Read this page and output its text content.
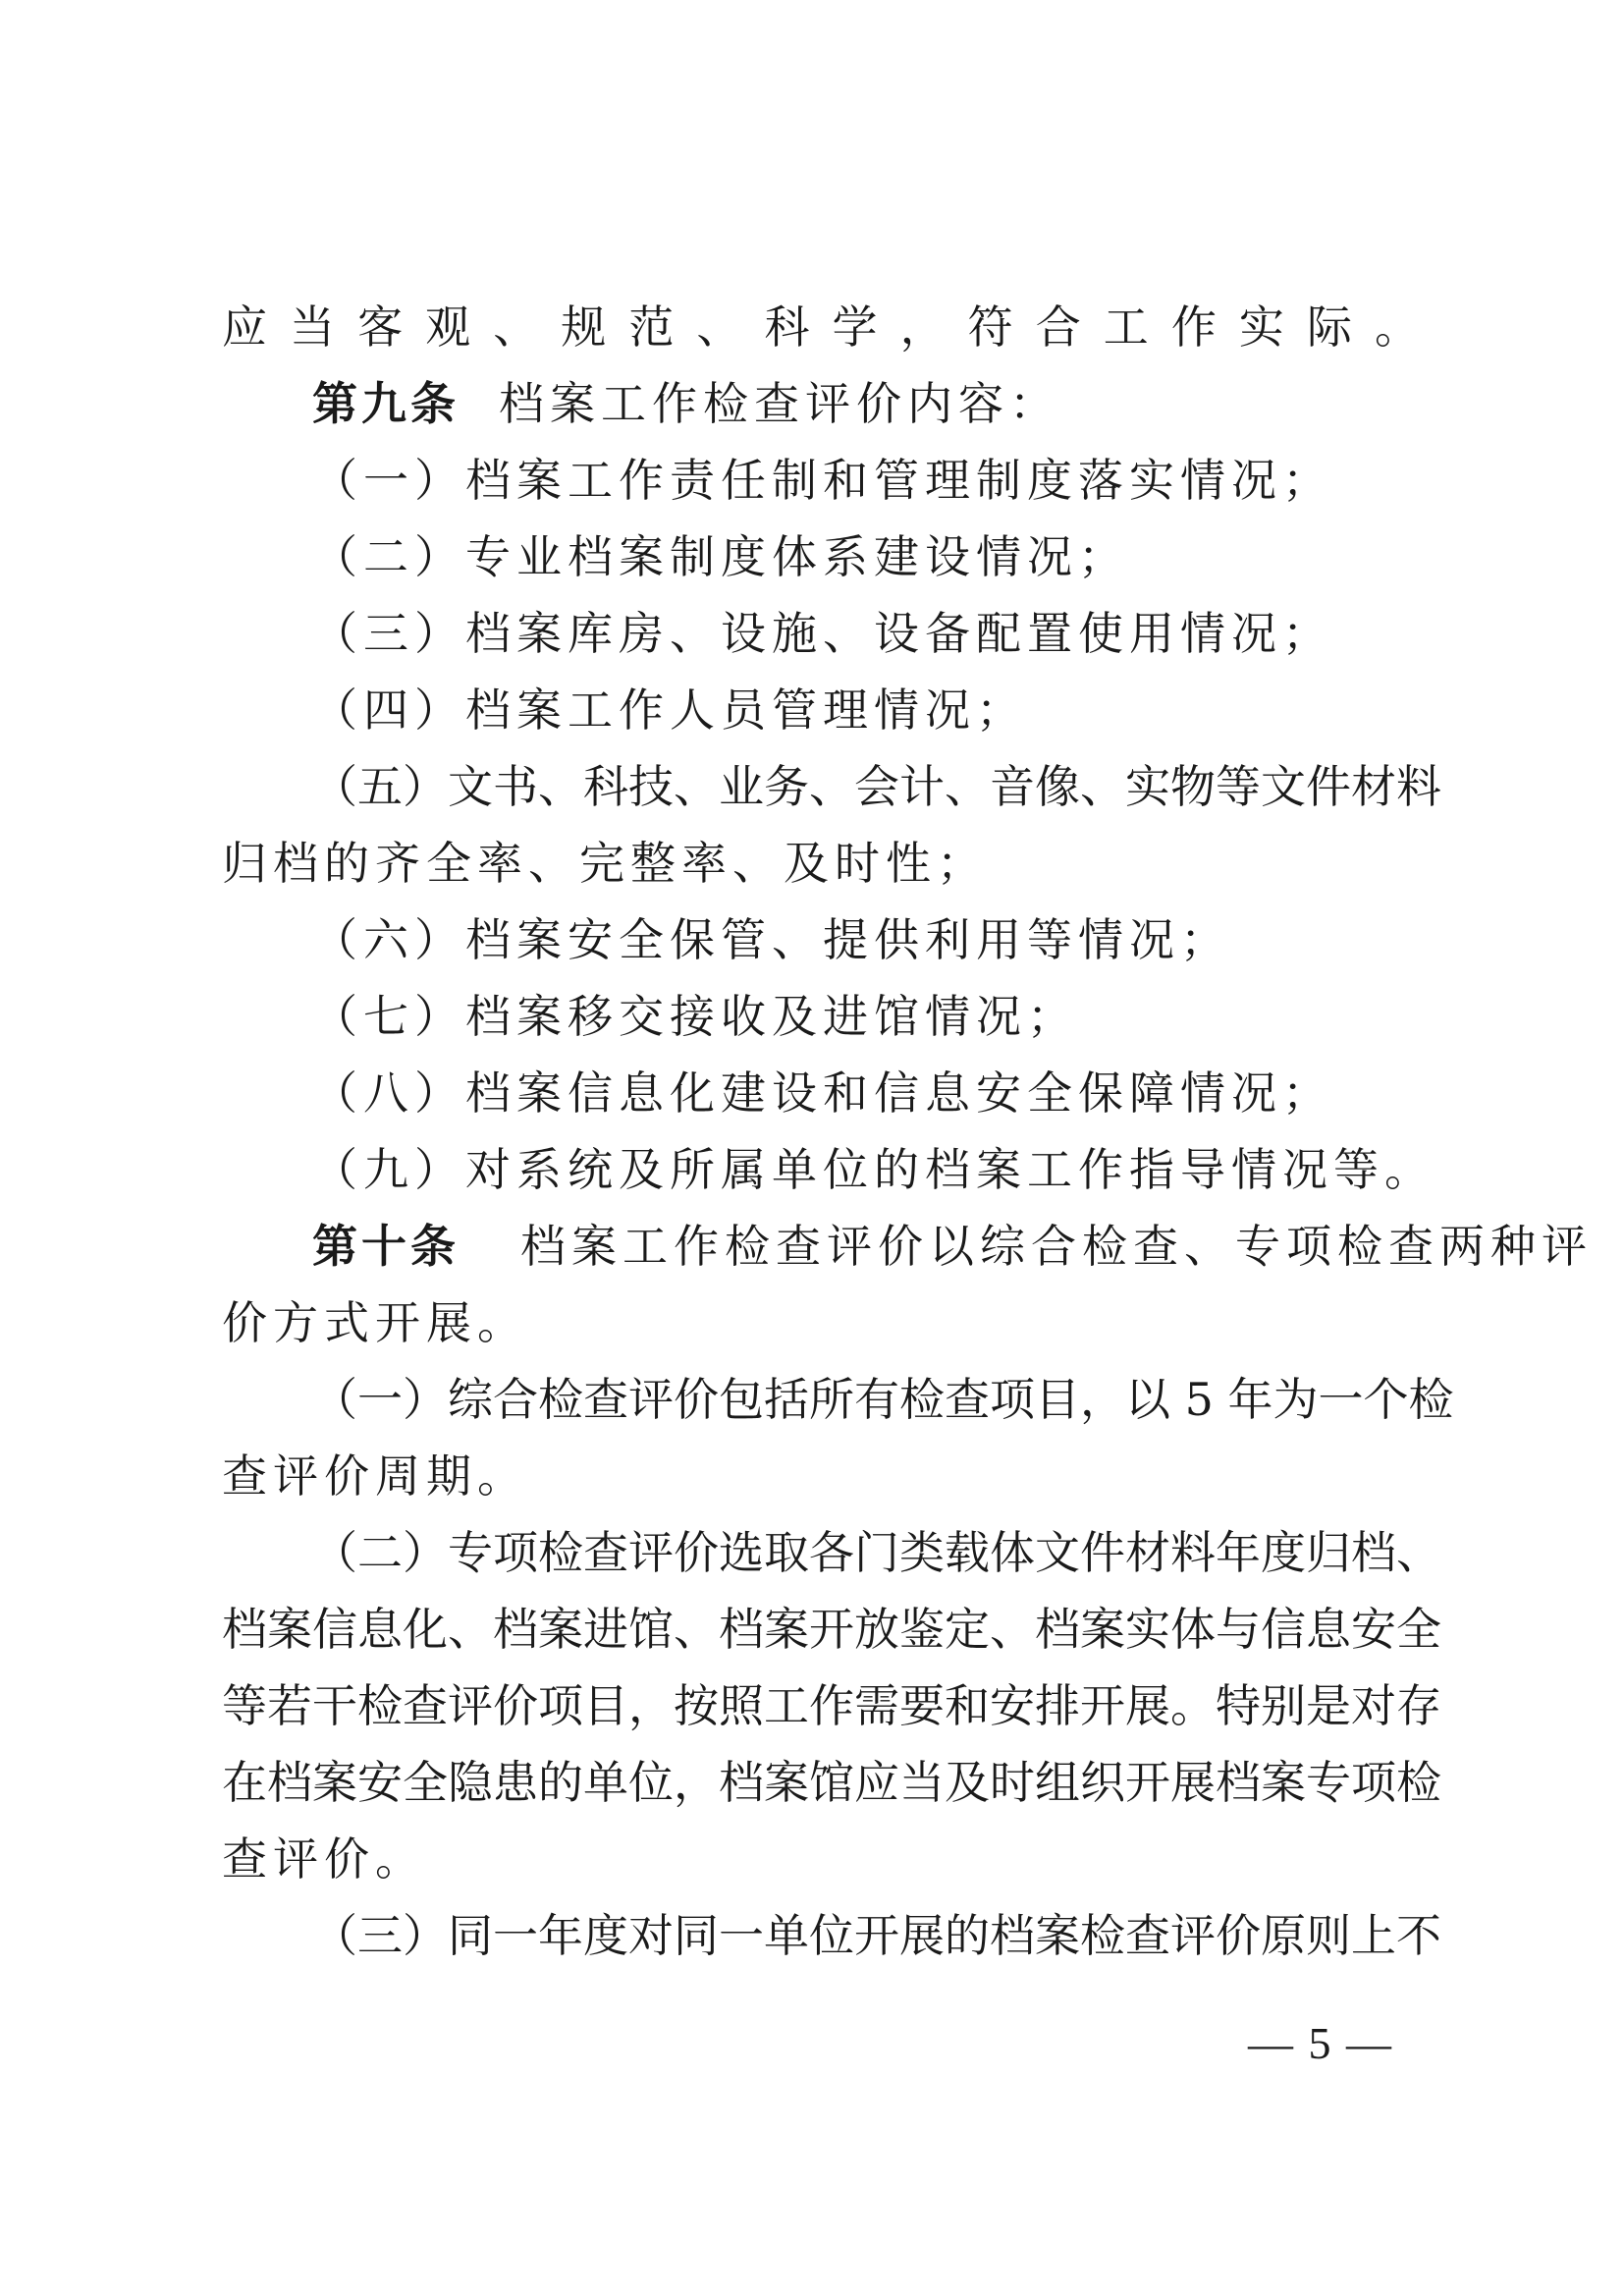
应当客观、规范、科学，符合工作实际。
第九条 档案工作检查评价内容：
（一）档案工作责任制和管理制度落实情况；
（二）专业档案制度体系建设情况；
（三）档案库房、设施、设备配置使用情况；
（四）档案工作人员管理情况；
（五）文书、科技、业务、会计、音像、实物等文件材料
归档的齐全率、完整率、及时性；
（六）档案安全保管、提供利用等情况；
（七）档案移交接收及进馆情况；
（八）档案信息化建设和信息安全保障情况；
（九）对系统及所属单位的档案工作指导情况等。
第十条 档案工作检查评价以综合检查、专项检查两种评
价方式开展。
（一）综合检查评价包括所有检查项目，以 5 年为一个检
查评价周期。
（二）专项检查评价选取各门类载体文件材料年度归档、
档案信息化、档案进馆、档案开放鉴定、档案实体与信息安全
等若干检查评价项目，按照工作需要和安排开展。特别是对存
在档案安全隐患的单位，档案馆应当及时组织开展档案专项检
查评价。
（三）同一年度对同一单位开展的档案检查评价原则上不
— 5 —
